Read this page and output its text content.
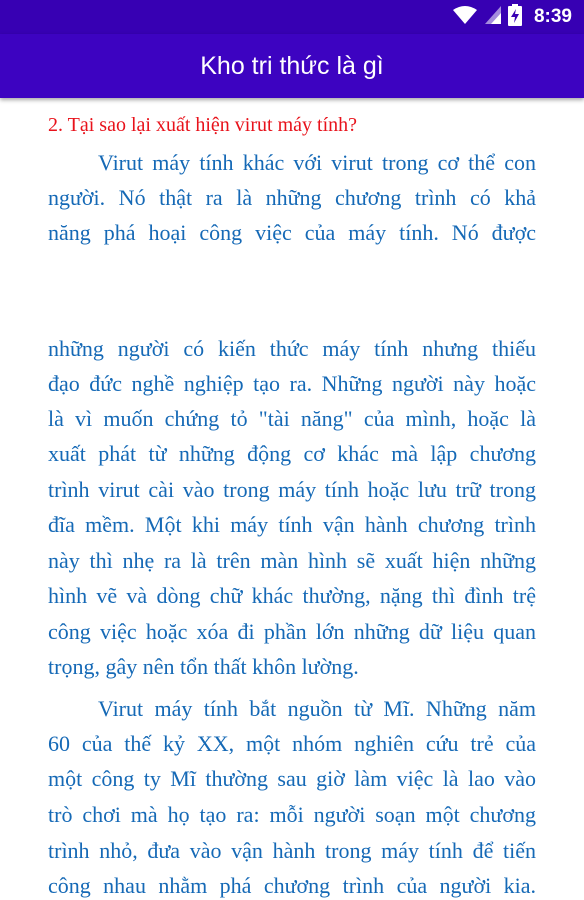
8:39
Kho tri thức là gì
2. Tại sao lại xuất hiện virut máy tính?
Virut máy tính khác với virut trong cơ thể con
người. Nó thật ra là những chương trình có khả
năng phá hoại công việc của máy tính. Nó được
những người có kiến thức máy tính nhưng thiếu
đạo đức nghề nghiệp tạo ra. Những người này hoặc
là vì muốn chứng tỏ "tài năng" của mình, hoặc là
xuất phát từ những động cơ khác mà lập chương
trình virut cài vào trong máy tính hoặc lưu trữ trong
đĩa mềm. Một khi máy tính vận hành chương trình
này thì nhẹ ra là trên màn hình sẽ xuất hiện những
hình vẽ và dòng chữ khác thường, nặng thì đình trệ
công việc hoặc xóa đi phần lớn những dữ liệu quan
trọng, gây nên tổn thất khôn lường.
Virut máy tính bắt nguồn từ Mĩ. Những năm
60 của thế kỷ XX, một nhóm nghiên cứu trẻ của
một công ty Mĩ thường sau giờ làm việc là lao vào
trò chơi mà họ tạo ra: mỗi người soạn một chương
trình nhỏ, đưa vào vận hành trong máy tính để tiến
công nhau nhằm phá chương trình của người kia.
